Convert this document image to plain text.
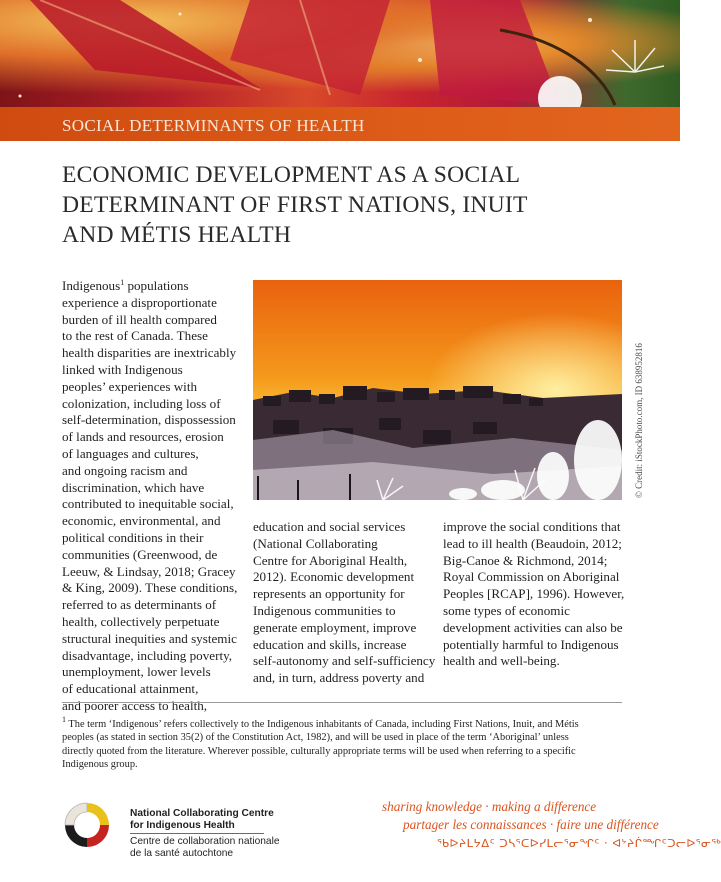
SOCIAL DETERMINANTS OF HEALTH
ECONOMIC DEVELOPMENT AS A SOCIAL
DETERMINANT OF FIRST NATIONS, INUIT
AND MÉTIS HEALTH
Indigenous$^1$ populations
experience a disproportionate
burden of ill health compared
to the rest of Canada. These
health disparities are inextricably
linked with Indigenous
peoples’ experiences with
colonization, including loss of
self-determination, dispossession
of lands and resources, erosion
of languages and cultures,
and ongoing racism and
discrimination, which have
contributed to inequitable social,
economic, environmental, and
political conditions in their
communities (Greenwood, de
Leeuw, & Lindsay, 2018; Gracey
& King, 2009). These conditions,
referred to as determinants of
health, collectively perpetuate
structural inequities and systemic
disadvantage, including poverty,
unemployment, lower levels
of educational attainment,
and poorer access to health,
© Credit: iStockPhoto.com, ID 638952816
education and social services
(National Collaborating
Centre for Aboriginal Health,
2012). Economic development
represents an opportunity for
Indigenous communities to
generate employment, improve
education and skills, increase
self-autonomy and self-sufficiency
and, in turn, address poverty and
improve the social conditions that
lead to ill health (Beaudoin, 2012;
Big-Canoe & Richmond, 2014;
Royal Commission on Aboriginal
Peoples [RCAP], 1996). However,
some types of economic
development activities can also be
potentially harmful to Indigenous
health and well-being.
$^1$ The term ‘Indigenous’ refers collectively to the Indigenous inhabitants of Canada, including First Nations, Inuit, and Métis
peoples (as stated in section 35(2) of the Constitution Act, 1982), and will be used in place of the term ‘Aboriginal’ unless
directly quoted from the literature. Wherever possible, culturally appropriate terms will be used when referring to a specific
Indigenous group.
National Collaborating Centre
for Indigenous Health
Centre de collaboration nationale
de la santé autochtone
sharing knowledge · making a difference
partager les connaissances · faire une différence
ᖃᐅᔨᒪᔭᐃᑦ ᑐᓴᕐᑕᐅᓯᒪᓕᕐᓂᖏᑦ · ᐊᔾᔨᒌᙱᑦᑐᓕᐅᕐᓂᖅ
